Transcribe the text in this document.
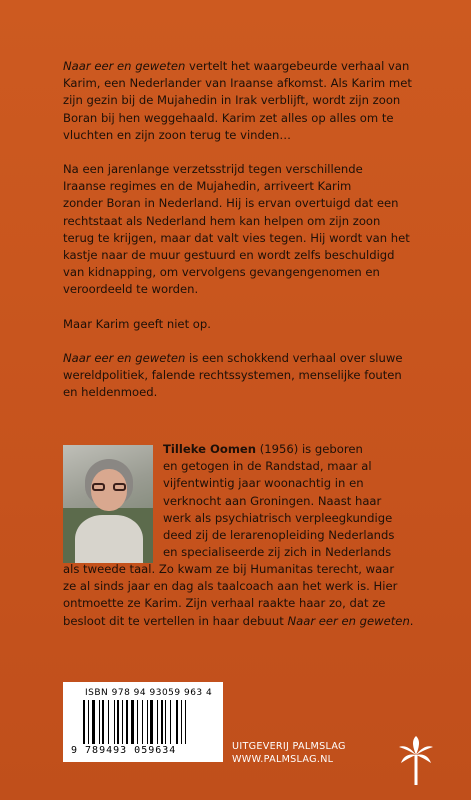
Naar eer en geweten vertelt het waargebeurde verhaal van
Karim, een Nederlander van Iraanse afkomst. Als Karim met
zijn gezin bij de Mujahedin in Irak verblijft, wordt zijn zoon
Boran bij hen weggehaald. Karim zet alles op alles om te
vluchten en zijn zoon terug te vinden…

Na een jarenlange verzetsstrijd tegen verschillende
Iraanse regimes en de Mujahedin, arriveert Karim
zonder Boran in Nederland. Hij is ervan overtuigd dat een
rechtstaat als Nederland hem kan helpen om zijn zoon
terug te krijgen, maar dat valt vies tegen. Hij wordt van het
kastje naar de muur gestuurd en wordt zelfs beschuldigd
van kidnapping, om vervolgens gevangengenomen en
veroordeeld te worden.

Maar Karim geeft niet op.

Naar eer en geweten is een schokkend verhaal over sluwe
wereldpolitiek, falende rechtssystemen, menselijke fouten
en heldenmoed.

Tilleke Oomen (1956) is geboren
en getogen in de Randstad, maar al
vijfentwintig jaar woonachtig in en
verknocht aan Groningen. Naast haar
werk als psychiatrisch verpleegkundige
deed zij de lerarenopleiding Nederlands
en specialiseerde zij zich in Nederlands
als tweede taal. Zo kwam ze bij Humanitas terecht, waar
ze al sinds jaar en dag als taalcoach aan het werk is. Hier
ontmoette ze Karim. Zijn verhaal raakte haar zo, dat ze
besloot dit te vertellen in haar debuut Naar eer en geweten.
ISBN 978 94 93059 963 4
9 789493 059634	UITGEVERIJ PALMSLAG
WWW.PALMSLAG.NL
